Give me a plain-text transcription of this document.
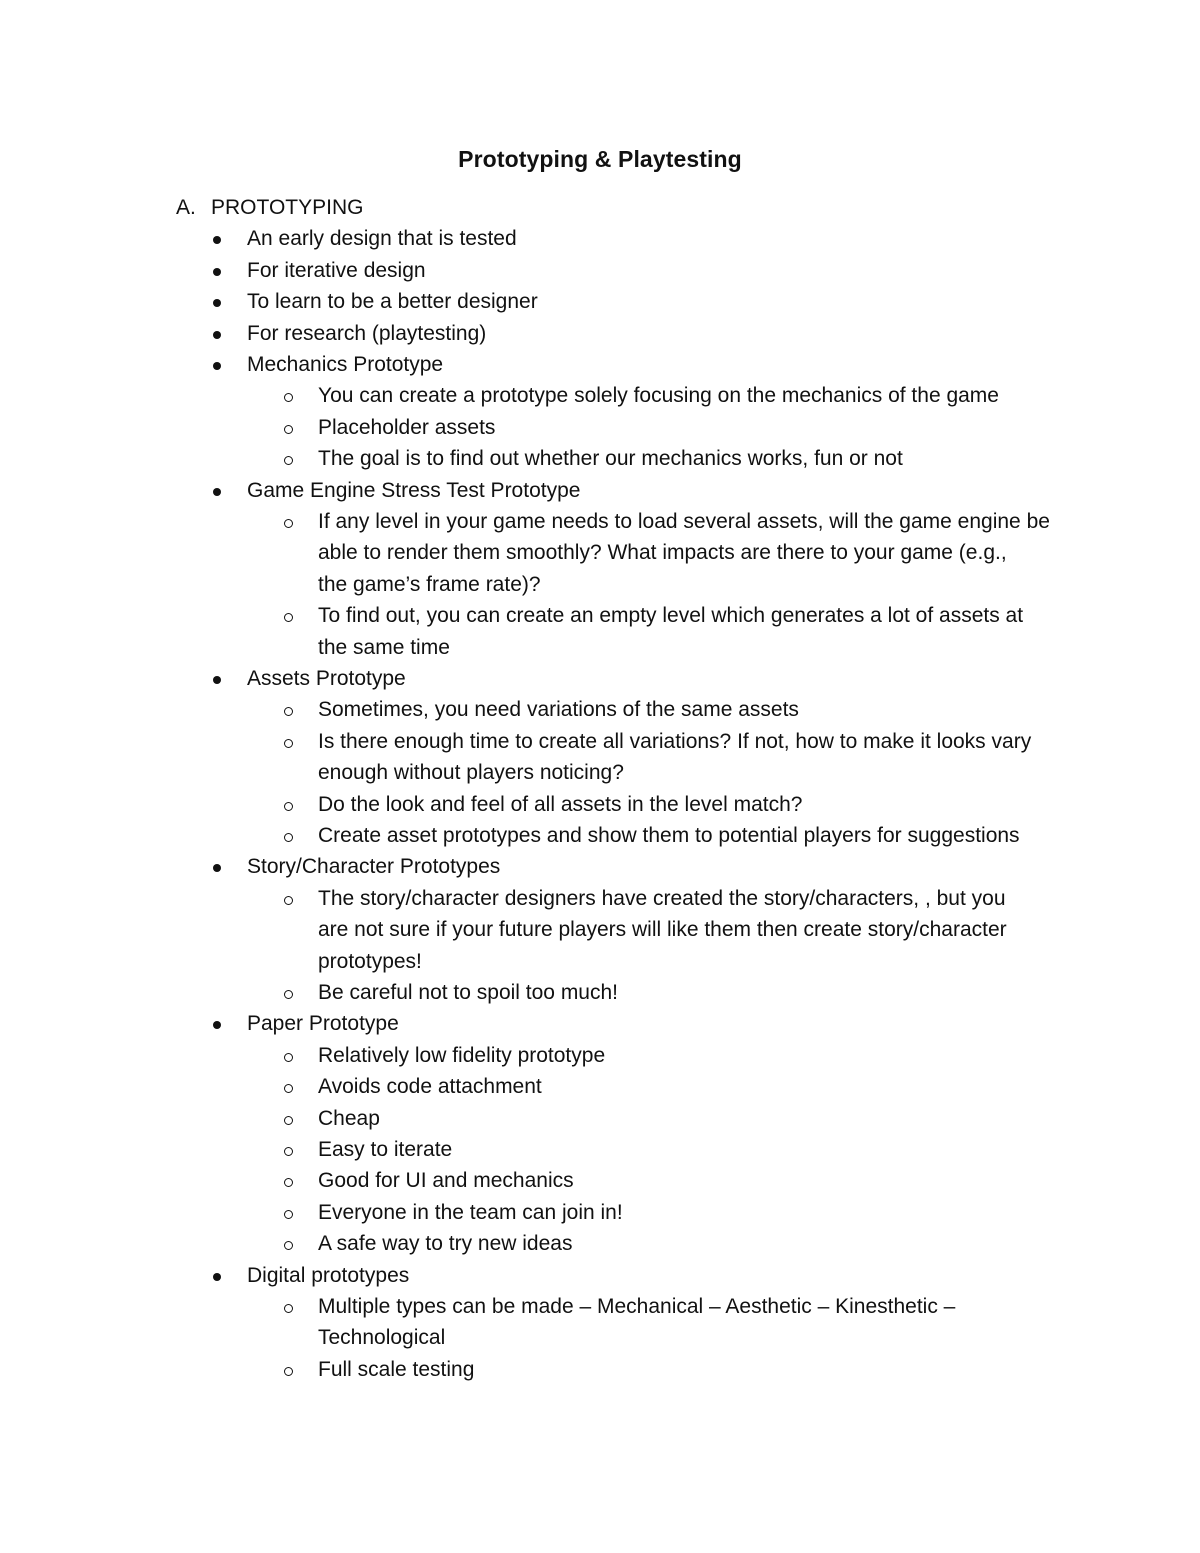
Prototyping & Playtesting
A. PROTOTYPING
An early design that is tested
For iterative design
To learn to be a better designer
For research (playtesting)
Mechanics Prototype
You can create a prototype solely focusing on the mechanics of the game
Placeholder assets
The goal is to find out whether our mechanics works, fun or not
Game Engine Stress Test Prototype
If any level in your game needs to load several assets, will the game engine be
able to render them smoothly? What impacts are there to your game (e.g.,
the game’s frame rate)?
To find out, you can create an empty level which generates a lot of assets at
the same time
Assets Prototype
Sometimes, you need variations of the same assets
Is there enough time to create all variations? If not, how to make it looks vary
enough without players noticing?
Do the look and feel of all assets in the level match?
Create asset prototypes and show them to potential players for suggestions
Story/Character Prototypes
The story/character designers have created the story/characters, , but you
are not sure if your future players will like them then create story/character
prototypes!
Be careful not to spoil too much!
Paper Prototype
Relatively low fidelity prototype
Avoids code attachment
Cheap
Easy to iterate
Good for UI and mechanics
Everyone in the team can join in!
A safe way to try new ideas
Digital prototypes
Multiple types can be made – Mechanical – Aesthetic – Kinesthetic –
Technological
Full scale testing
